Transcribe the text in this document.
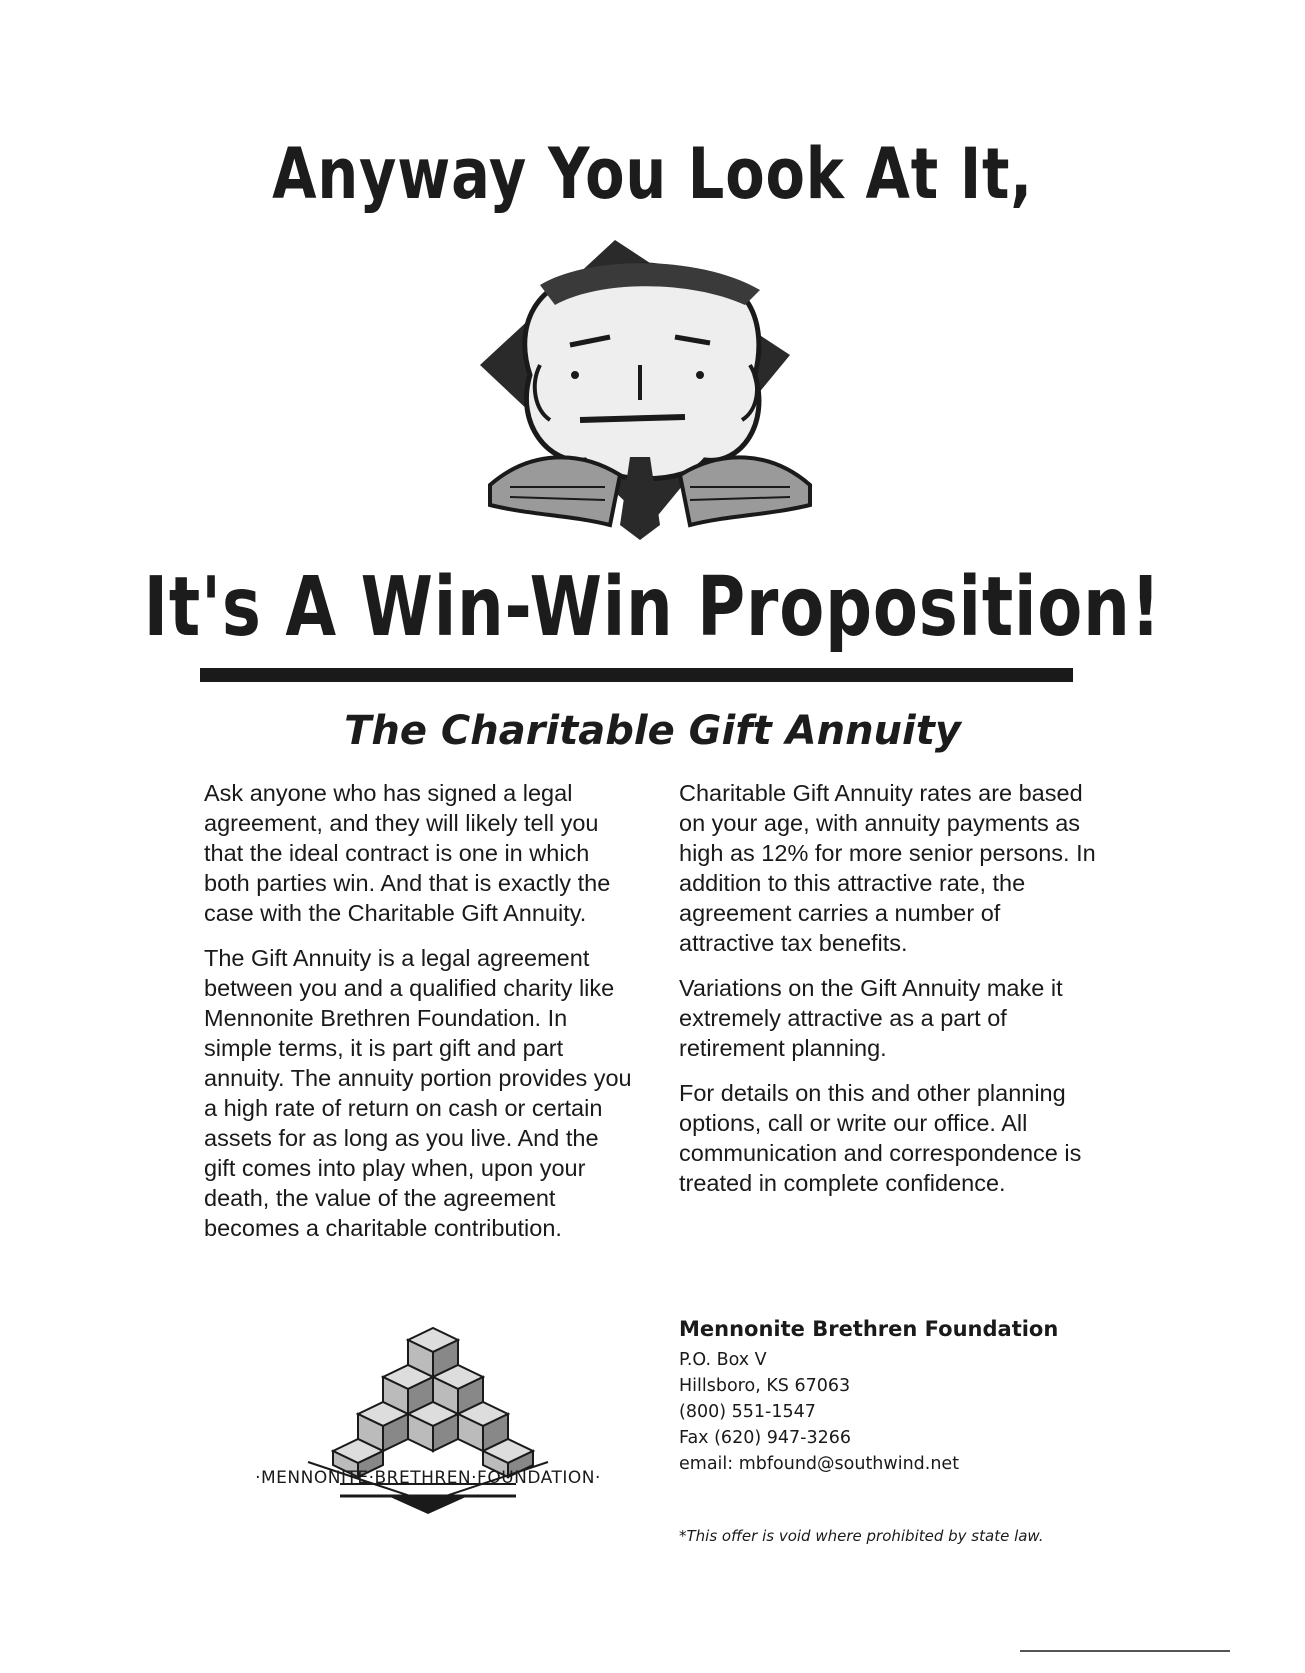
Anyway You Look At It,
It's A Win-Win Proposition!
The Charitable Gift Annuity

Ask anyone who has signed a legal agreement, and they will likely tell you that the ideal contract is one in which both parties win. And that is exactly the case with the Charitable Gift Annuity.

The Gift Annuity is a legal agreement between you and a qualified charity like Mennonite Brethren Foundation. In simple terms, it is part gift and part annuity. The annuity portion provides you a high rate of return on cash or certain assets for as long as you live. And the gift comes into play when, upon your death, the value of the agreement becomes a charitable contribution.

Charitable Gift Annuity rates are based on your age, with annuity payments as high as 12% for more senior persons. In addition to this attractive rate, the agreement carries a number of attractive tax benefits.

Variations on the Gift Annuity make it extremely attractive as a part of retirement planning.

For details on this and other planning options, call or write our office. All communication and correspondence is treated in complete confidence.

·MENNONITE·BRETHREN·FOUNDATION·
Mennonite Brethren Foundation
P.O. Box V
Hillsboro, KS 67063
(800) 551-1547
Fax (620) 947-3266
email: mbfound@southwind.net
*This offer is void where prohibited by state law.
